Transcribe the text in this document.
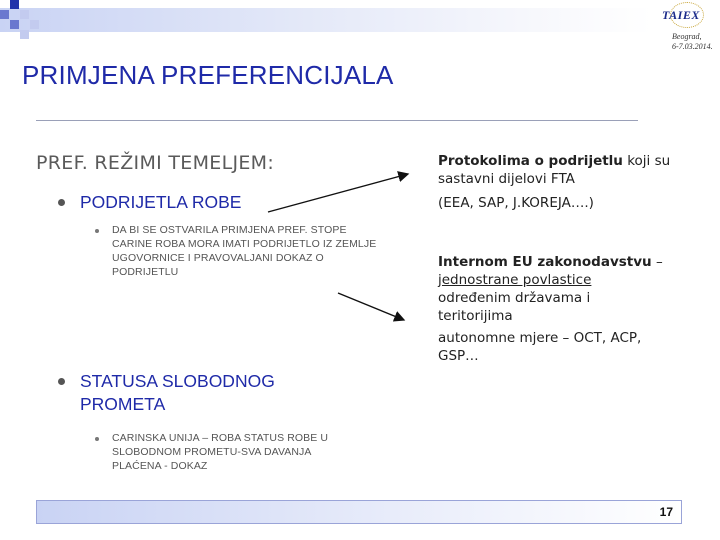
TAIEX
Beograd,
6-7.03.2014.
PRIMJENA PREFERENCIJALA
PREF. REŽIMI TEMELJEM:
PODRIJETLA ROBE
DA BI SE OSTVARILA PRIMJENA PREF. STOPE CARINE ROBA MORA IMATI PODRIJETLO IZ ZEMLJE UGOVORNICE I PRAVOVALJANI DOKAZ O PODRIJETLU
STATUSA SLOBODNOG
PROMETA
CARINSKA UNIJA – ROBA STATUS ROBE U SLOBODNOM PROMETU-SVA DAVANJA PLAĆENA - DOKAZ
Protokolima o podrijetlu koji su
sastavni dijelovi FTA
(EEA, SAP, J.KOREJA….)
Internom EU zakonodavstvu –
jednostrane povlastice
određenim državama i
teritorijima
autonomne mjere – OCT, ACP,
GSP…
17
